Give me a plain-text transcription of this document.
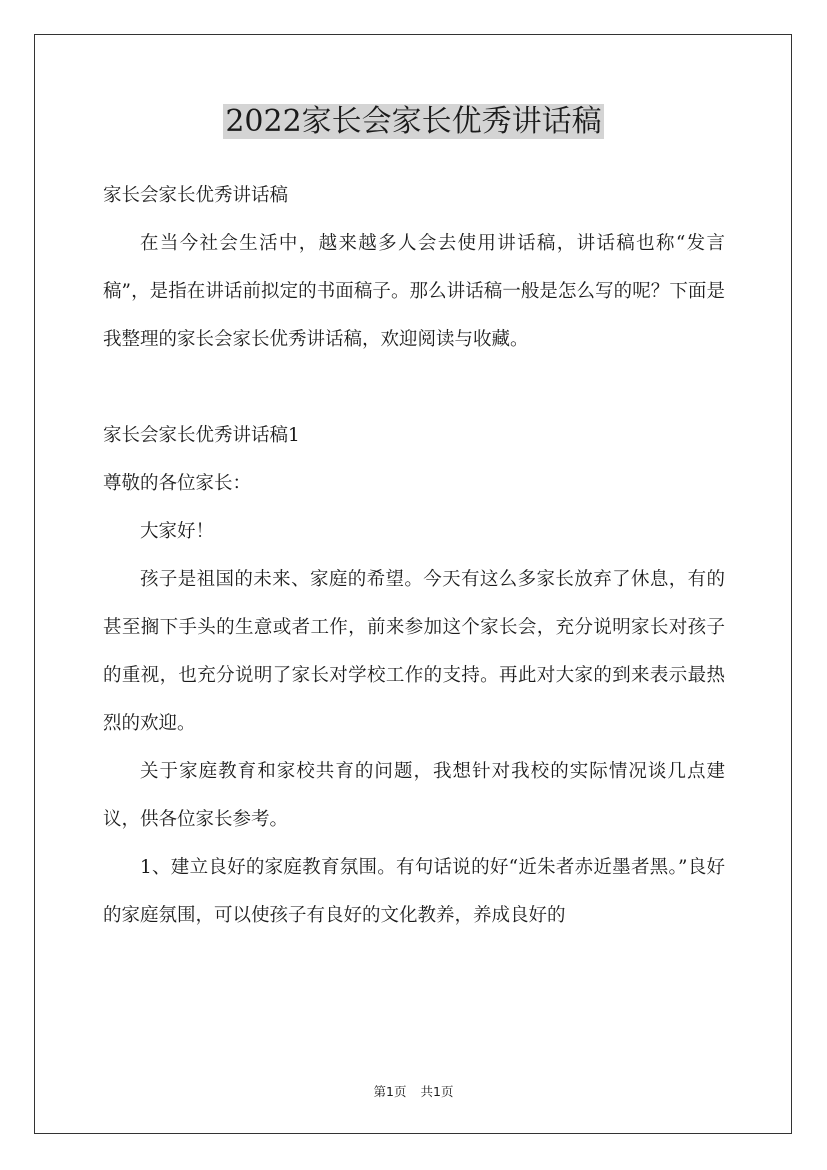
2022家长会家长优秀讲话稿

家长会家长优秀讲话稿

在当今社会生活中，越来越多人会去使用讲话稿，讲话稿也称“发言稿”，是指在讲话前拟定的书面稿子。那么讲话稿一般是怎么写的呢？下面是我整理的家长会家长优秀讲话稿，欢迎阅读与收藏。

家长会家长优秀讲话稿1

尊敬的各位家长：

大家好！

孩子是祖国的未来、家庭的希望。今天有这么多家长放弃了休息，有的甚至搁下手头的生意或者工作，前来参加这个家长会，充分说明家长对孩子的重视，也充分说明了家长对学校工作的支持。再此对大家的到来表示最热烈的欢迎。

关于家庭教育和家校共育的问题，我想针对我校的实际情况谈几点建议，供各位家长参考。

1、建立良好的家庭教育氛围。有句话说的好“近朱者赤近墨者黑。”良好的家庭氛围，可以使孩子有良好的文化教养，养成良好的

第1页 共1页
